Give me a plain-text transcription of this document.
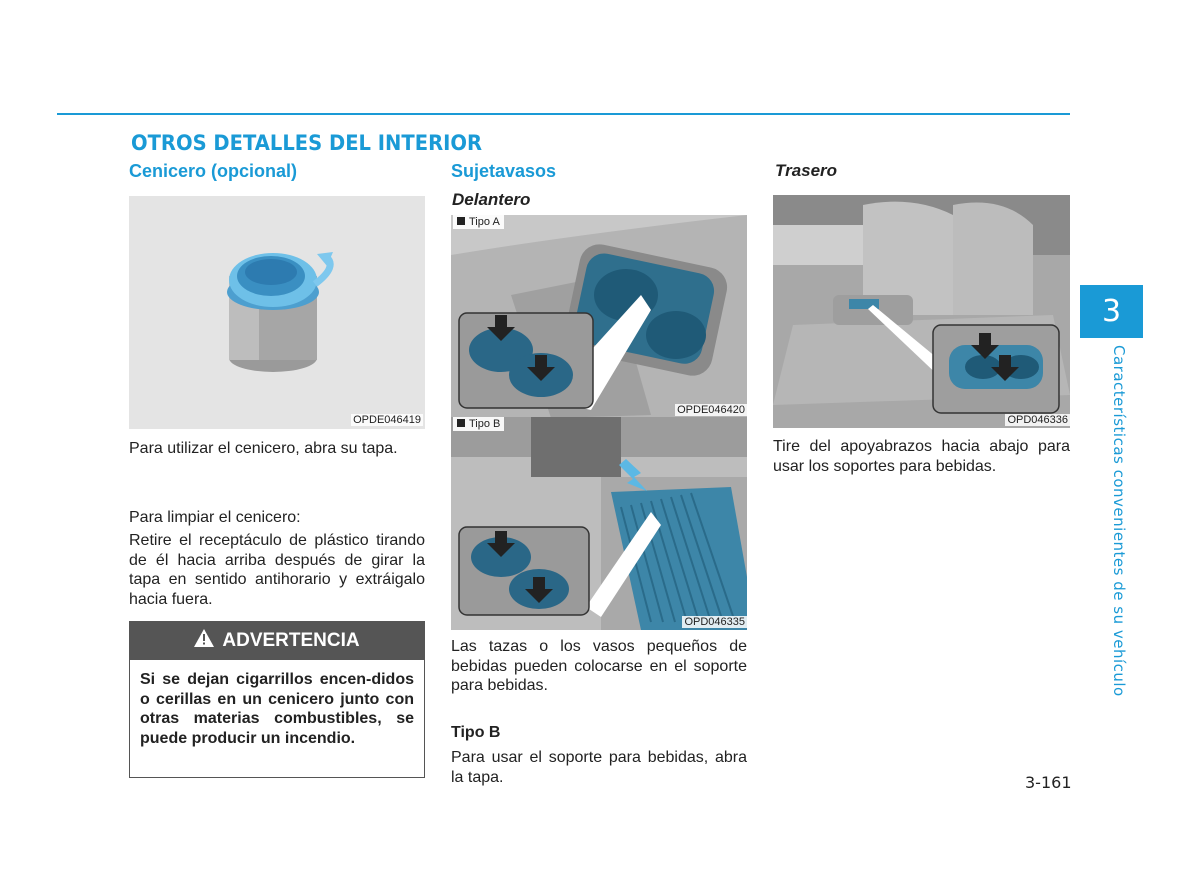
OTROS DETALLES DEL INTERIOR
Cenicero (opcional)
OPDE046419

Para utilizar el cenicero, abra su tapa.

Para limpiar el cenicero:

Retire el receptáculo de plástico tirando de él hacia arriba después de girar la tapa en sentido antihorario y extráigalo hacia fuera.

ADVERTENCIA
Si se dejan cigarrillos encen-didos o cerillas en un cenicero junto con otras materias combustibles, se puede producir un incendio.
Sujetavasos
Delantero
Tipo A
OPDE046420
Tipo B
OPD046335

Las tazas o los vasos pequeños de bebidas pueden colocarse en el soporte para bebidas.

Tipo B

Para usar el soporte para bebidas, abra la tapa.

Trasero
OPD046336

Tire del apoyabrazos hacia abajo para usar los soportes para bebidas.

3
Características convenientes de su vehículo
3-161
